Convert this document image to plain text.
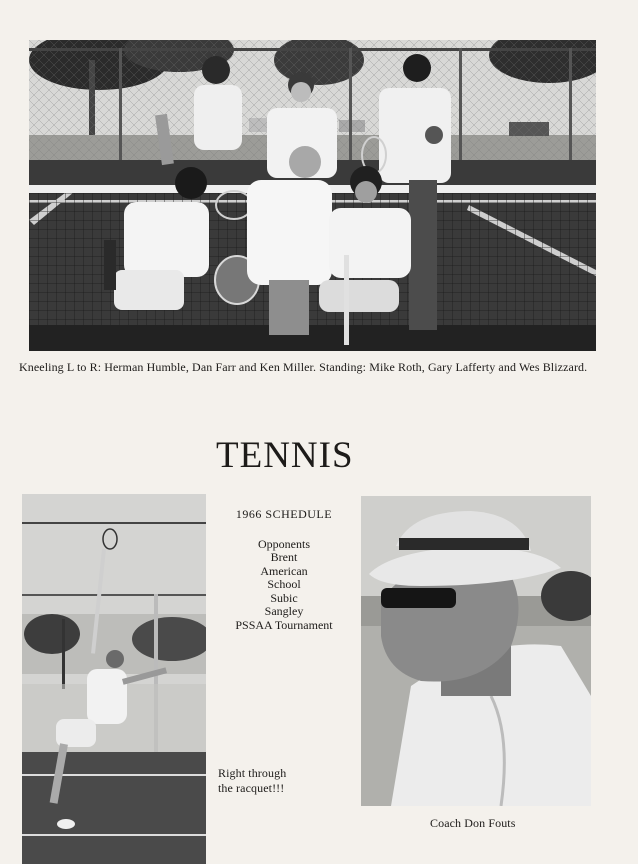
Kneeling L to R: Herman Humble, Dan Farr and Ken Miller. Standing: Mike Roth, Gary Lafferty and Wes Blizzard.
TENNIS
1966 SCHEDULE
Opponents
Brent
American
School
Subic
Sangley
PSSAA Tournament
Right through
the racquet!!!
Coach Don Fouts
